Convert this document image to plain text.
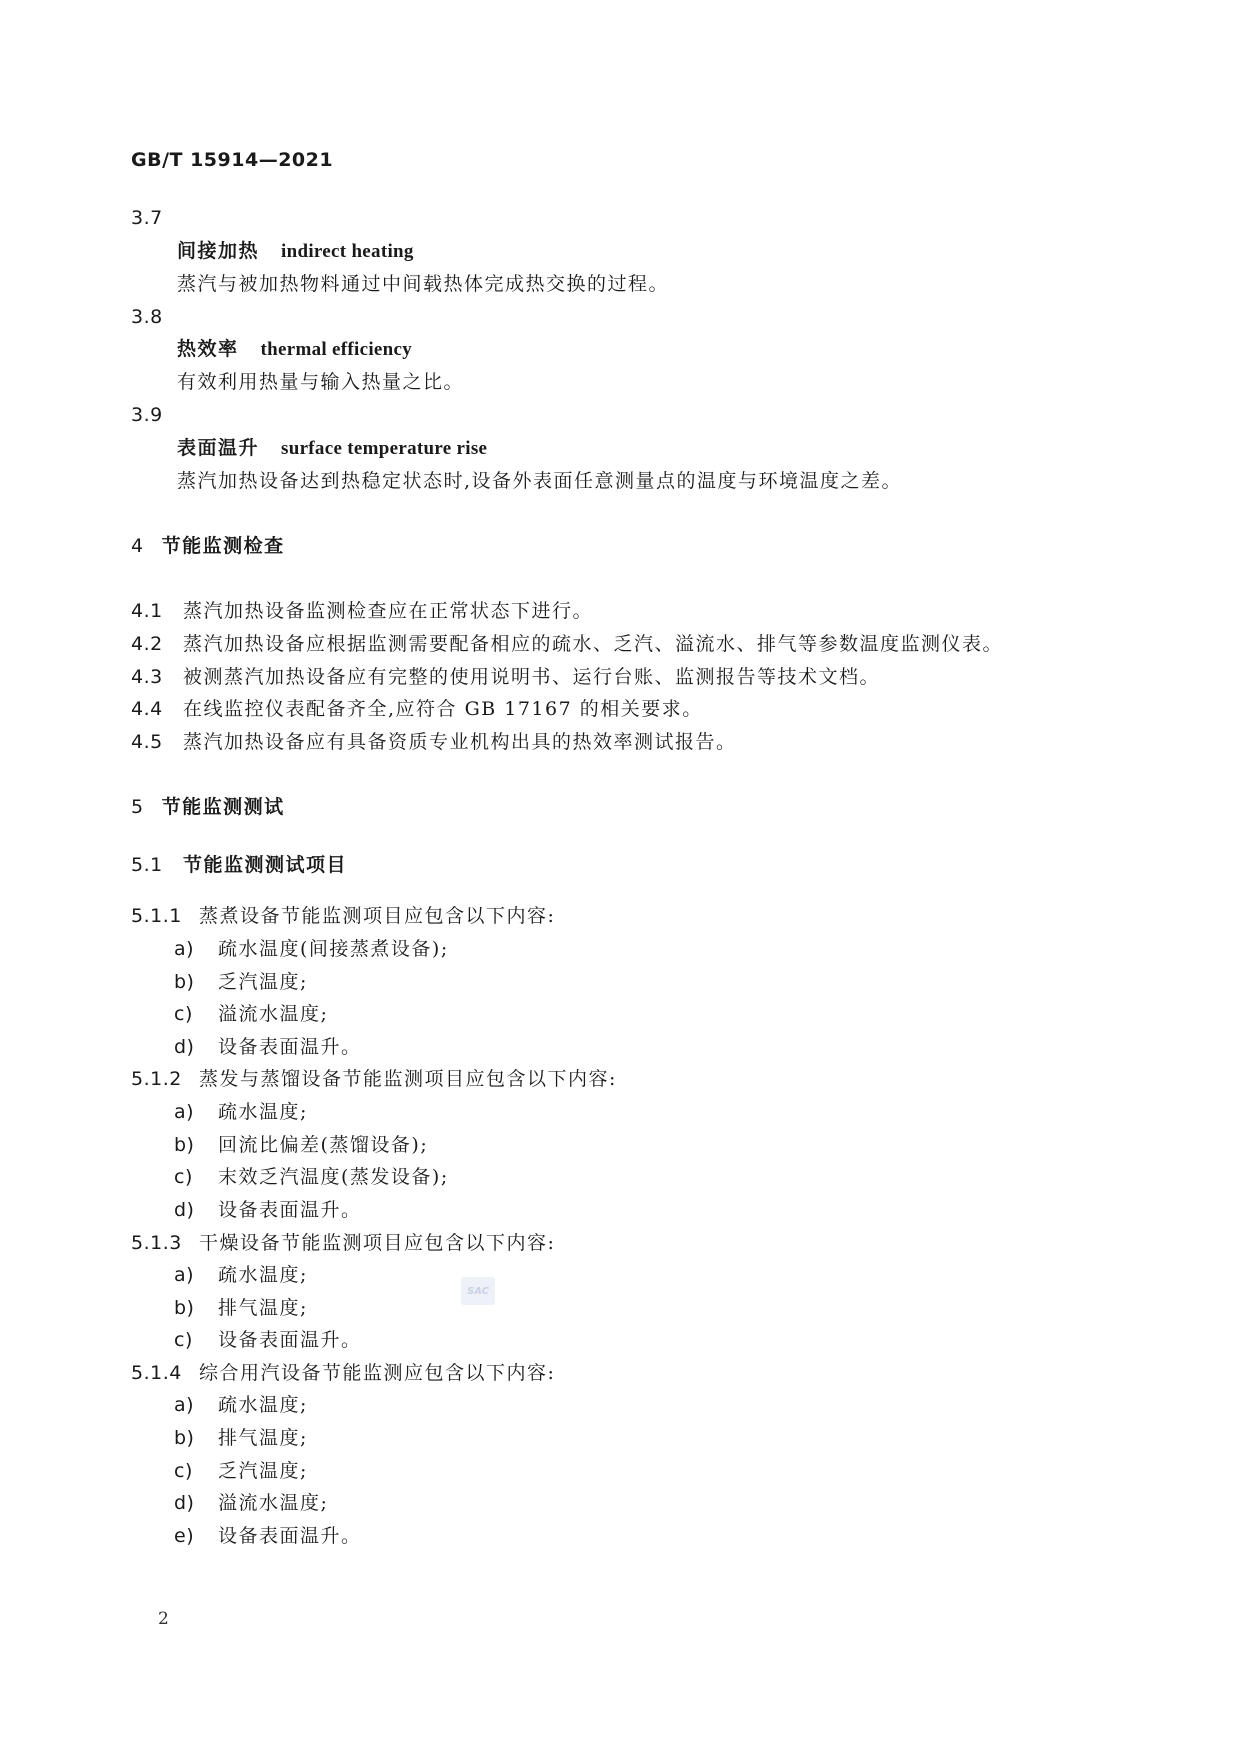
GB/T 15914—2021
3.7
间接加热 indirect heating
蒸汽与被加热物料通过中间载热体完成热交换的过程。
3.8
热效率 thermal efficiency
有效利用热量与输入热量之比。
3.9
表面温升 surface temperature rise
蒸汽加热设备达到热稳定状态时,设备外表面任意测量点的温度与环境温度之差。
4 节能监测检查
4.1 蒸汽加热设备监测检查应在正常状态下进行。
4.2 蒸汽加热设备应根据监测需要配备相应的疏水、乏汽、溢流水、排气等参数温度监测仪表。
4.3 被测蒸汽加热设备应有完整的使用说明书、运行台账、监测报告等技术文档。
4.4 在线监控仪表配备齐全,应符合 GB 17167 的相关要求。
4.5 蒸汽加热设备应有具备资质专业机构出具的热效率测试报告。
5 节能监测测试
5.1 节能监测测试项目
5.1.1 蒸煮设备节能监测项目应包含以下内容:
a) 疏水温度(间接蒸煮设备);
b) 乏汽温度;
c) 溢流水温度;
d) 设备表面温升。
5.1.2 蒸发与蒸馏设备节能监测项目应包含以下内容:
a) 疏水温度;
b) 回流比偏差(蒸馏设备);
c) 末效乏汽温度(蒸发设备);
d) 设备表面温升。
5.1.3 干燥设备节能监测项目应包含以下内容:
a) 疏水温度;
b) 排气温度;
c) 设备表面温升。
5.1.4 综合用汽设备节能监测应包含以下内容:
a) 疏水温度;
b) 排气温度;
c) 乏汽温度;
d) 溢流水温度;
e) 设备表面温升。
SAC
2
